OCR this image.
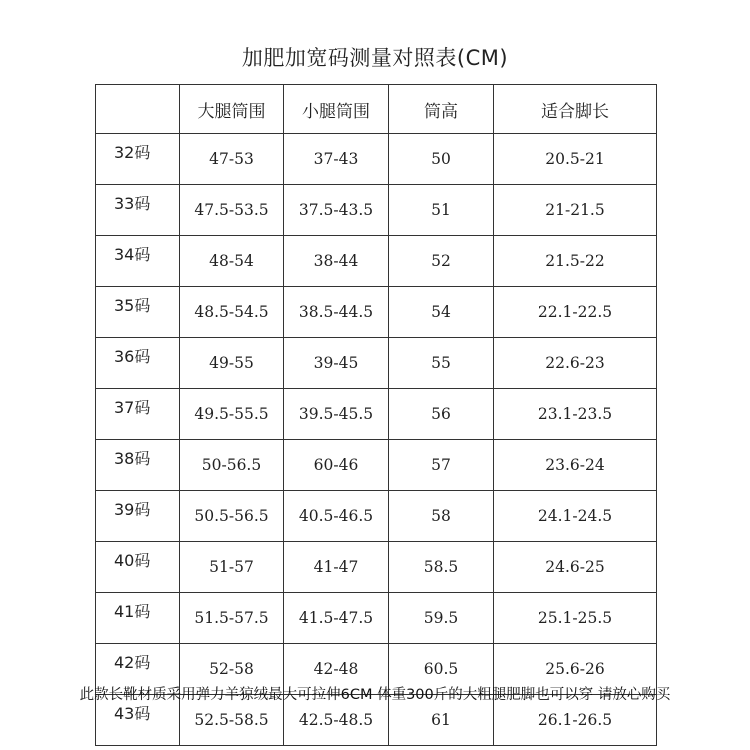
加肥加宽码测量对照表(CM)
	大腿筒围	小腿筒围	筒高	适合脚长
32码	47-53	37-43	50	20.5-21
33码	47.5-53.5	37.5-43.5	51	21-21.5
34码	48-54	38-44	52	21.5-22
35码	48.5-54.5	38.5-44.5	54	22.1-22.5
36码	49-55	39-45	55	22.6-23
37码	49.5-55.5	39.5-45.5	56	23.1-23.5
38码	50-56.5	60-46	57	23.6-24
39码	50.5-56.5	40.5-46.5	58	24.1-24.5
40码	51-57	41-47	58.5	24.6-25
41码	51.5-57.5	41.5-47.5	59.5	25.1-25.5
42码	52-58	42-48	60.5	25.6-26
43码	52.5-58.5	42.5-48.5	61	26.1-26.5
此款长靴材质采用弹力羊猄绒最大可拉伸6CM 体重300斤的大粗腿肥脚也可以穿 请放心购买
